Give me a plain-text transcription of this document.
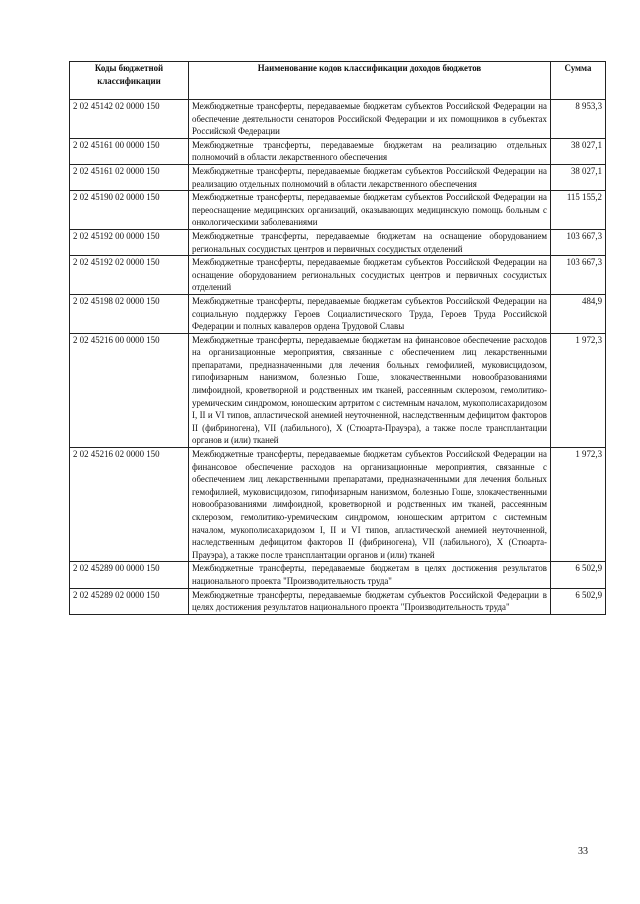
Коды бюджетной классификации	Наименование кодов классификации доходов бюджетов	Сумма
2 02 45142 02 0000 150	Межбюджетные трансферты, передаваемые бюджетам субъектов Российской Федерации на обеспечение деятельности сенаторов Российской Федерации и их помощников в субъектах Российской Федерации	8 953,3
2 02 45161 00 0000 150	Межбюджетные трансферты, передаваемые бюджетам на реализацию отдельных полномочий в области лекарственного обеспечения	38 027,1
2 02 45161 02 0000 150	Межбюджетные трансферты, передаваемые бюджетам субъектов Российской Федерации на реализацию отдельных полномочий в области лекарственного обеспечения	38 027,1
2 02 45190 02 0000 150	Межбюджетные трансферты, передаваемые бюджетам субъектов Российской Федерации на переоснащение медицинских организаций, оказывающих медицинскую помощь больным с онкологическими заболеваниями	115 155,2
2 02 45192 00 0000 150	Межбюджетные трансферты, передаваемые бюджетам на оснащение оборудованием региональных сосудистых центров и первичных сосудистых отделений	103 667,3
2 02 45192 02 0000 150	Межбюджетные трансферты, передаваемые бюджетам субъектов Российской Федерации на оснащение оборудованием региональных сосудистых центров и первичных сосудистых отделений	103 667,3
2 02 45198 02 0000 150	Межбюджетные трансферты, передаваемые бюджетам субъектов Российской Федерации на социальную поддержку Героев Социалистического Труда, Героев Труда Российской Федерации и полных кавалеров ордена Трудовой Славы	484,9
2 02 45216 00 0000 150	Межбюджетные трансферты, передаваемые бюджетам на финансовое обеспечение расходов на организационные мероприятия, связанные с обеспечением лиц лекарственными препаратами, предназначенными для лечения больных гемофилией, муковисцидозом, гипофизарным нанизмом, болезнью Гоше, злокачественными новообразованиями лимфоидной, кроветворной и родственных им тканей, рассеянным склерозом, гемолитико-уремическим синдромом, юношеским артритом с системным началом, мукополисахаридозом I, II и VI типов, апластической анемией неуточненной, наследственным дефицитом факторов II (фибриногена), VII (лабильного), X (Стюарта-Прауэра), а также после трансплантации органов и (или) тканей	1 972,3
2 02 45216 02 0000 150	Межбюджетные трансферты, передаваемые бюджетам субъектов Российской Федерации на финансовое обеспечение расходов на организационные мероприятия, связанные с обеспечением лиц лекарственными препаратами, предназначенными для лечения больных гемофилией, муковисцидозом, гипофизарным нанизмом, болезнью Гоше, злокачественными новообразованиями лимфоидной, кроветворной и родственных им тканей, рассеянным склерозом, гемолитико-уремическим синдромом, юношеским артритом с системным началом, мукополисахаридозом I, II и VI типов, апластической анемией неуточненной, наследственным дефицитом факторов II (фибриногена), VII (лабильного), X (Стюарта-Прауэра), а также после трансплантации органов и (или) тканей	1 972,3
2 02 45289 00 0000 150	Межбюджетные трансферты, передаваемые бюджетам в целях достижения результатов национального проекта "Производительность труда"	6 502,9
2 02 45289 02 0000 150	Межбюджетные трансферты, передаваемые бюджетам субъектов Российской Федерации в целях достижения результатов национального проекта "Производительность труда"	6 502,9
33
